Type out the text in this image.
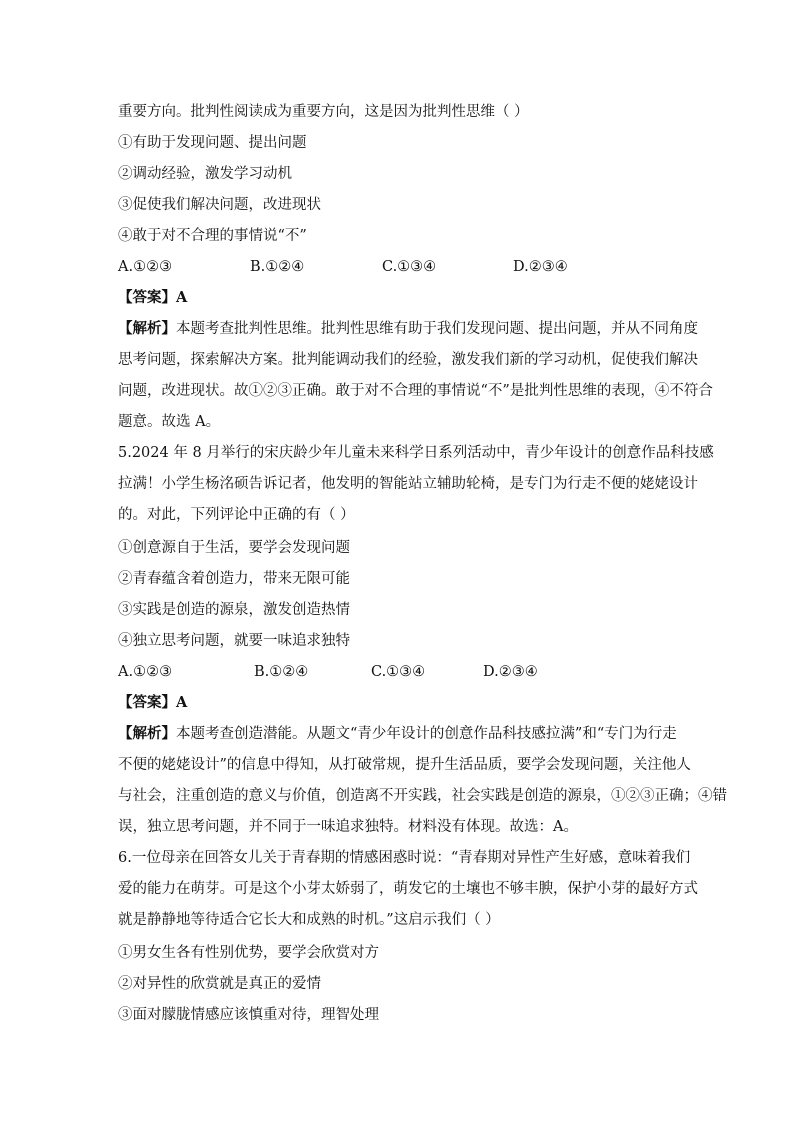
重要方向。批判性阅读成为重要方向，这是因为批判性思维（ ）
①有助于发现问题、提出问题
②调动经验，激发学习动机
③促使我们解决问题，改进现状
④敢于对不合理的事情说“不”
A.①②③	B.①②④	C.①③④	D.②③④
【答案】A
【解析】本题考查批判性思维。批判性思维有助于我们发现问题、提出问题，并从不同角度
思考问题，探索解决方案。批判能调动我们的经验，激发我们新的学习动机，促使我们解决
问题，改进现状。故①②③正确。敢于对不合理的事情说“不”是批判性思维的表现，④不符合
题意。故选 A。
5.2024 年 8 月举行的宋庆龄少年儿童未来科学日系列活动中，青少年设计的创意作品科技感
拉满！小学生杨洺硕告诉记者，他发明的智能站立辅助轮椅，是专门为行走不便的姥姥设计
的。对此，下列评论中正确的有（ ）
①创意源自于生活，要学会发现问题
②青春蕴含着创造力，带来无限可能
③实践是创造的源泉，激发创造热情
④独立思考问题，就要一味追求独特
A.①②③	B.①②④	C.①③④	D.②③④
【答案】A
【解析】本题考查创造潜能。从题文“青少年设计的创意作品科技感拉满”和“专门为行走
不便的姥姥设计”的信息中得知，从打破常规，提升生活品质，要学会发现问题，关注他人
与社会，注重创造的意义与价值，创造离不开实践，社会实践是创造的源泉，①②③正确；④错
误，独立思考问题，并不同于一味追求独特。材料没有体现。故选：A。
6.一位母亲在回答女儿关于青春期的情感困惑时说：“青春期对异性产生好感，意味着我们
爱的能力在萌芽。可是这个小芽太娇弱了，萌发它的土壤也不够丰腴，保护小芽的最好方式
就是静静地等待适合它长大和成熟的时机。”这启示我们（ ）
①男女生各有性别优势，要学会欣赏对方
②对异性的欣赏就是真正的爱情
③面对朦胧情感应该慎重对待，理智处理
